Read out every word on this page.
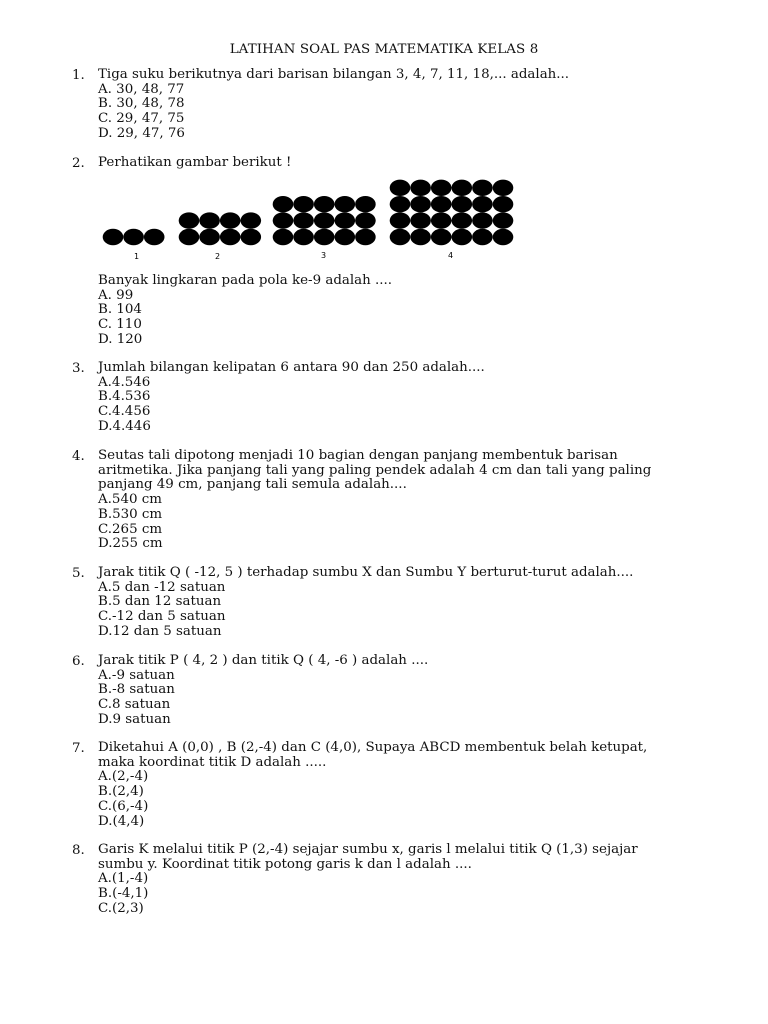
LATIHAN SOAL PAS MATEMATIKA KELAS 8
1. Tiga suku berikutnya dari barisan bilangan 3, 4, 7, 11, 18,... adalah...
A. 30, 48, 77
B. 30, 48, 78
C. 29, 47, 75
D. 29, 47, 76
2. Perhatikan gambar berikut !
1	2	3	4
Banyak lingkaran pada pola ke-9 adalah ....
A. 99
B. 104
C. 110
D. 120
3. Jumlah bilangan kelipatan 6 antara 90 dan 250 adalah....
A.4.546
B.4.536
C.4.456
D.4.446
4. Seutas tali dipotong menjadi 10 bagian dengan panjang membentuk barisan
aritmetika. Jika panjang tali yang paling pendek adalah 4 cm dan tali yang paling
panjang 49 cm, panjang tali semula adalah....
A.540 cm
B.530 cm
C.265 cm
D.255 cm
5. Jarak titik Q ( -12, 5 ) terhadap sumbu X dan Sumbu Y berturut-turut adalah....
A.5 dan -12 satuan
B.5 dan 12 satuan
C.-12 dan 5 satuan
D.12 dan 5 satuan
6. Jarak titik P ( 4, 2 ) dan titik Q ( 4, -6 ) adalah ....
A.-9 satuan
B.-8 satuan
C.8 satuan
D.9 satuan
7. Diketahui A (0,0) , B (2,-4) dan C (4,0), Supaya ABCD membentuk belah ketupat,
maka koordinat titik D adalah .....
A.(2,-4)
B.(2,4)
C.(6,-4)
D.(4,4)
8. Garis K melalui titik P (2,-4) sejajar sumbu x, garis l melalui titik Q (1,3) sejajar
sumbu y. Koordinat titik potong garis k dan l adalah ....
A.(1,-4)
B.(-4,1)
C.(2,3)
